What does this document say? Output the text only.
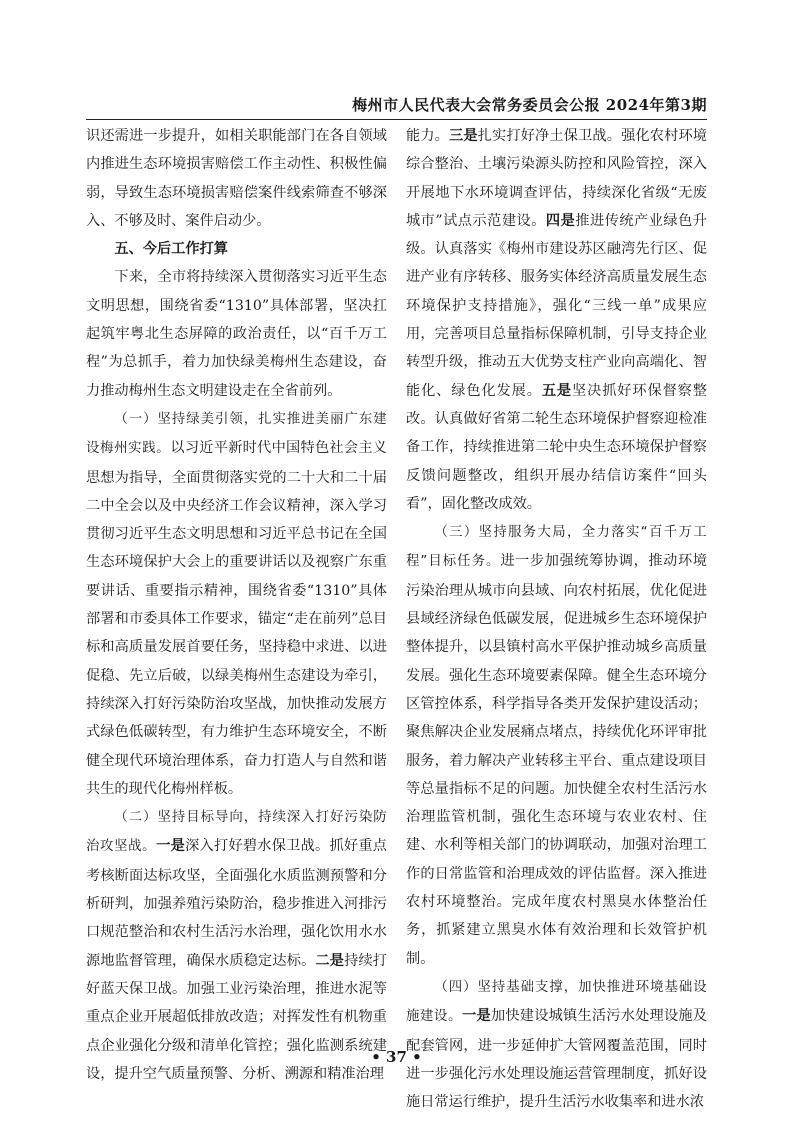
梅州市人民代表大会常务委员会公报 2024年第3期

识还需进一步提升，如相关职能部门在各自领域内推进生态环境损害赔偿工作主动性、积极性偏弱，导致生态环境损害赔偿案件线索筛查不够深入、不够及时、案件启动少。

五、今后工作打算

下来，全市将持续深入贯彻落实习近平生态文明思想，围绕省委“1310”具体部署，坚决扛起筑牢粤北生态屏障的政治责任，以“百千万工程”为总抓手，着力加快绿美梅州生态建设，奋力推动梅州生态文明建设走在全省前列。

（一）坚持绿美引领，扎实推进美丽广东建设梅州实践。以习近平新时代中国特色社会主义思想为指导，全面贯彻落实党的二十大和二十届二中全会以及中央经济工作会议精神，深入学习贯彻习近平生态文明思想和习近平总书记在全国生态环境保护大会上的重要讲话以及视察广东重要讲话、重要指示精神，围绕省委“1310”具体部署和市委具体工作要求，锚定“走在前列”总目标和高质量发展首要任务，坚持稳中求进、以进促稳、先立后破，以绿美梅州生态建设为牵引，持续深入打好污染防治攻坚战，加快推动发展方式绿色低碳转型，有力维护生态环境安全，不断健全现代环境治理体系，奋力打造人与自然和谐共生的现代化梅州样板。

（二）坚持目标导向，持续深入打好污染防治攻坚战。一是深入打好碧水保卫战。抓好重点考核断面达标攻坚，全面强化水质监测预警和分析研判，加强养殖污染防治，稳步推进入河排污口规范整治和农村生活污水治理，强化饮用水水源地监督管理，确保水质稳定达标。二是持续打好蓝天保卫战。加强工业污染治理，推进水泥等重点企业开展超低排放改造；对挥发性有机物重点企业强化分级和清单化管控；强化监测系统建设，提升空气质量预警、分析、溯源和精准治理

能力。三是扎实打好净土保卫战。强化农村环境综合整治、土壤污染源头防控和风险管控，深入开展地下水环境调查评估，持续深化省级“无废城市”试点示范建设。四是推进传统产业绿色升级。认真落实《梅州市建设苏区融湾先行区、促进产业有序转移、服务实体经济高质量发展生态环境保护支持措施》，强化“三线一单”成果应用，完善项目总量指标保障机制，引导支持企业转型升级，推动五大优势支柱产业向高端化、智能化、绿色化发展。五是坚决抓好环保督察整改。认真做好省第二轮生态环境保护督察迎检准备工作，持续推进第二轮中央生态环境保护督察反馈问题整改，组织开展办结信访案件“回头看”，固化整改成效。

（三）坚持服务大局，全力落实“百千万工程”目标任务。进一步加强统筹协调，推动环境污染治理从城市向县域、向农村拓展，优化促进县域经济绿色低碳发展，促进城乡生态环境保护整体提升，以县镇村高水平保护推动城乡高质量发展。强化生态环境要素保障。健全生态环境分区管控体系，科学指导各类开发保护建设活动；聚焦解决企业发展痛点堵点，持续优化环评审批服务，着力解决产业转移主平台、重点建设项目等总量指标不足的问题。加快健全农村生活污水治理监管机制，强化生态环境与农业农村、住建、水利等相关部门的协调联动，加强对治理工作的日常监管和治理成效的评估监督。深入推进农村环境整治。完成年度农村黑臭水体整治任务，抓紧建立黑臭水体有效治理和长效管护机制。

（四）坚持基础支撑，加快推进环境基础设施建设。一是加快建设城镇生活污水处理设施及配套管网，进一步延伸扩大管网覆盖范围，同时进一步强化污水处理设施运营管理制度，抓好设施日常运行维护，提升生活污水收集率和进水浓

• 37 •
